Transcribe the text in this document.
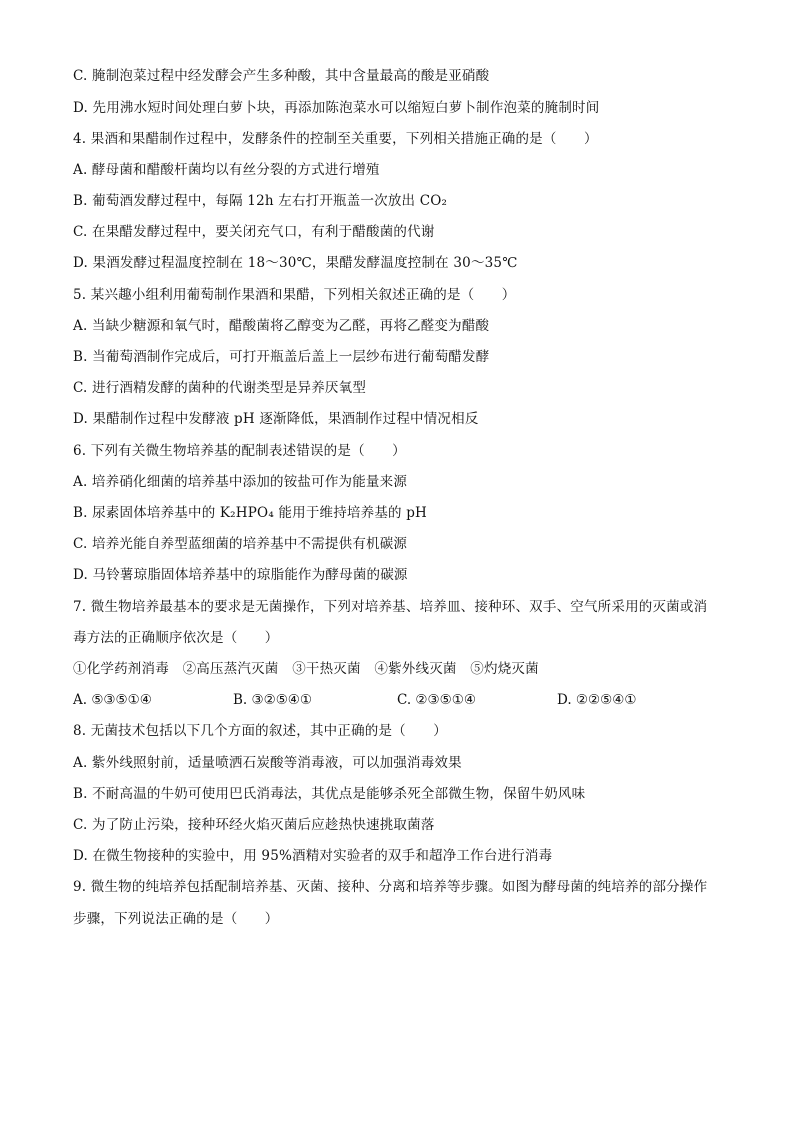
C. 腌制泡菜过程中经发酵会产生多种酸，其中含量最高的酸是亚硝酸
D. 先用沸水短时间处理白萝卜块，再添加陈泡菜水可以缩短白萝卜制作泡菜的腌制时间
4. 果酒和果醋制作过程中，发酵条件的控制至关重要，下列相关措施正确的是（　　）
A. 酵母菌和醋酸杆菌均以有丝分裂的方式进行增殖
B. 葡萄酒发酵过程中，每隔 12h 左右打开瓶盖一次放出 CO₂
C. 在果醋发酵过程中，要关闭充气口，有利于醋酸菌的代谢
D. 果酒发酵过程温度控制在 18～30℃，果醋发酵温度控制在 30～35℃
5. 某兴趣小组利用葡萄制作果酒和果醋，下列相关叙述正确的是（　　）
A. 当缺少糖源和氧气时，醋酸菌将乙醇变为乙醛，再将乙醛变为醋酸
B. 当葡萄酒制作完成后，可打开瓶盖后盖上一层纱布进行葡萄醋发酵
C. 进行酒精发酵的菌种的代谢类型是异养厌氧型
D. 果醋制作过程中发酵液 pH 逐渐降低，果酒制作过程中情况相反
6. 下列有关微生物培养基的配制表述错误的是（　　）
A. 培养硝化细菌的培养基中添加的铵盐可作为能量来源
B. 尿素固体培养基中的 K₂HPO₄ 能用于维持培养基的 pH
C. 培养光能自养型蓝细菌的培养基中不需提供有机碳源
D. 马铃薯琼脂固体培养基中的琼脂能作为酵母菌的碳源
7. 微生物培养最基本的要求是无菌操作，下列对培养基、培养皿、接种环、双手、空气所采用的灭菌或消
毒方法的正确顺序依次是（　　）
①化学药剂消毒　②高压蒸汽灭菌　③干热灭菌　④紫外线灭菌　⑤灼烧灭菌
A. ⑤③⑤①④	B. ③②⑤④①	C. ②③⑤①④	D. ②②⑤④①
8. 无菌技术包括以下几个方面的叙述，其中正确的是（　　）
A. 紫外线照射前，适量喷洒石炭酸等消毒液，可以加强消毒效果
B. 不耐高温的牛奶可使用巴氏消毒法，其优点是能够杀死全部微生物，保留牛奶风味
C. 为了防止污染，接种环经火焰灭菌后应趁热快速挑取菌落
D. 在微生物接种的实验中，用 95%酒精对实验者的双手和超净工作台进行消毒
9. 微生物的纯培养包括配制培养基、灭菌、接种、分离和培养等步骤。如图为酵母菌的纯培养的部分操作
步骤，下列说法正确的是（　　）
